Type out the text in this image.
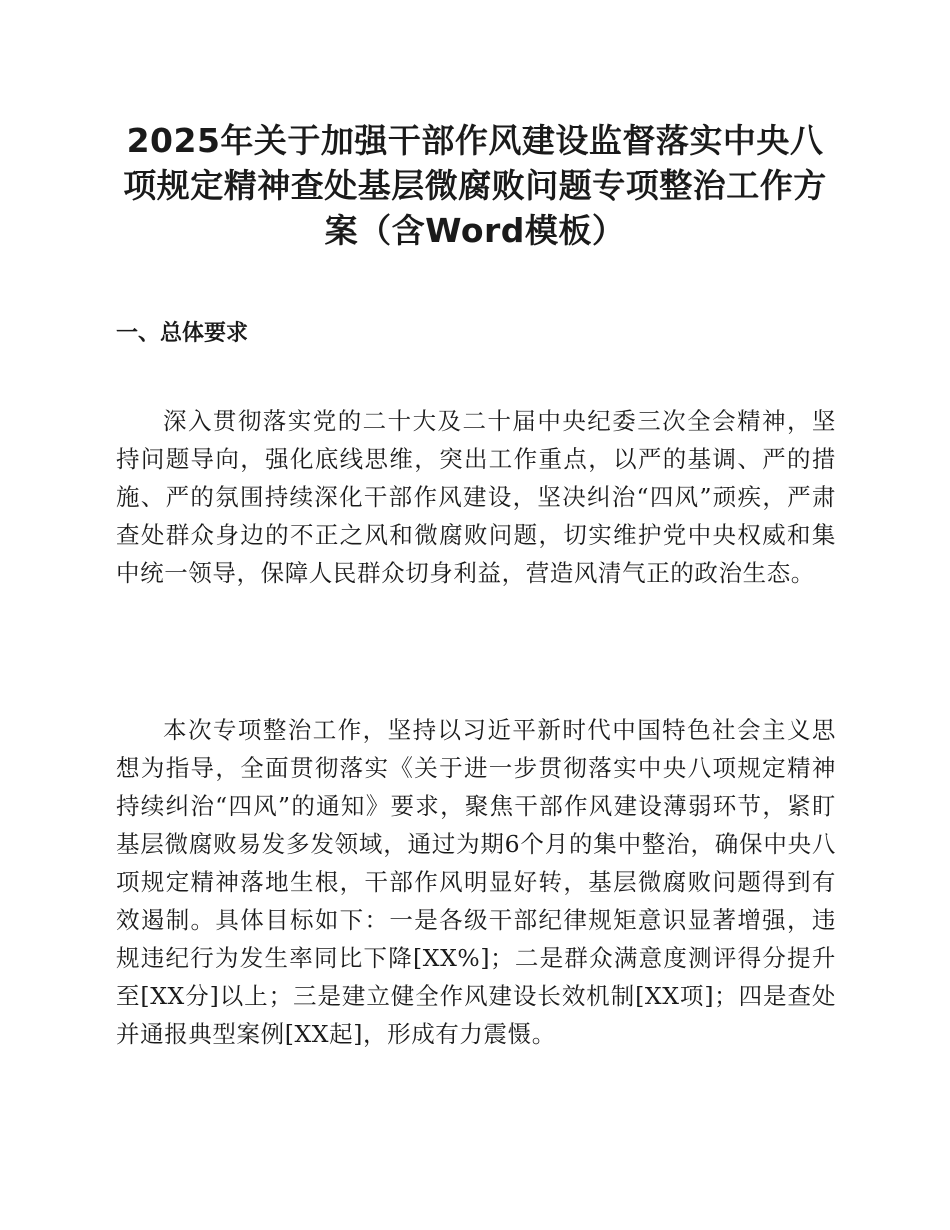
2025年关于加强干部作风建设监督落实中央八项规定精神查处基层微腐败问题专项整治工作方案（含Word模板）
一、总体要求

深入贯彻落实党的二十大及二十届中央纪委三次全会精神，坚持问题导向，强化底线思维，突出工作重点，以严的基调、严的措施、严的氛围持续深化干部作风建设，坚决纠治“四风”顽疾，严肃查处群众身边的不正之风和微腐败问题，切实维护党中央权威和集中统一领导，保障人民群众切身利益，营造风清气正的政治生态。

本次专项整治工作，坚持以习近平新时代中国特色社会主义思想为指导，全面贯彻落实《关于进一步贯彻落实中央八项规定精神持续纠治“四风”的通知》要求，聚焦干部作风建设薄弱环节，紧盯基层微腐败易发多发领域，通过为期6个月的集中整治，确保中央八项规定精神落地生根，干部作风明显好转，基层微腐败问题得到有效遏制。具体目标如下：一是各级干部纪律规矩意识显著增强，违规违纪行为发生率同比下降[XX%]；二是群众满意度测评得分提升至[XX分]以上；三是建立健全作风建设长效机制[XX项]；四是查处并通报典型案例[XX起]，形成有力震慑。
